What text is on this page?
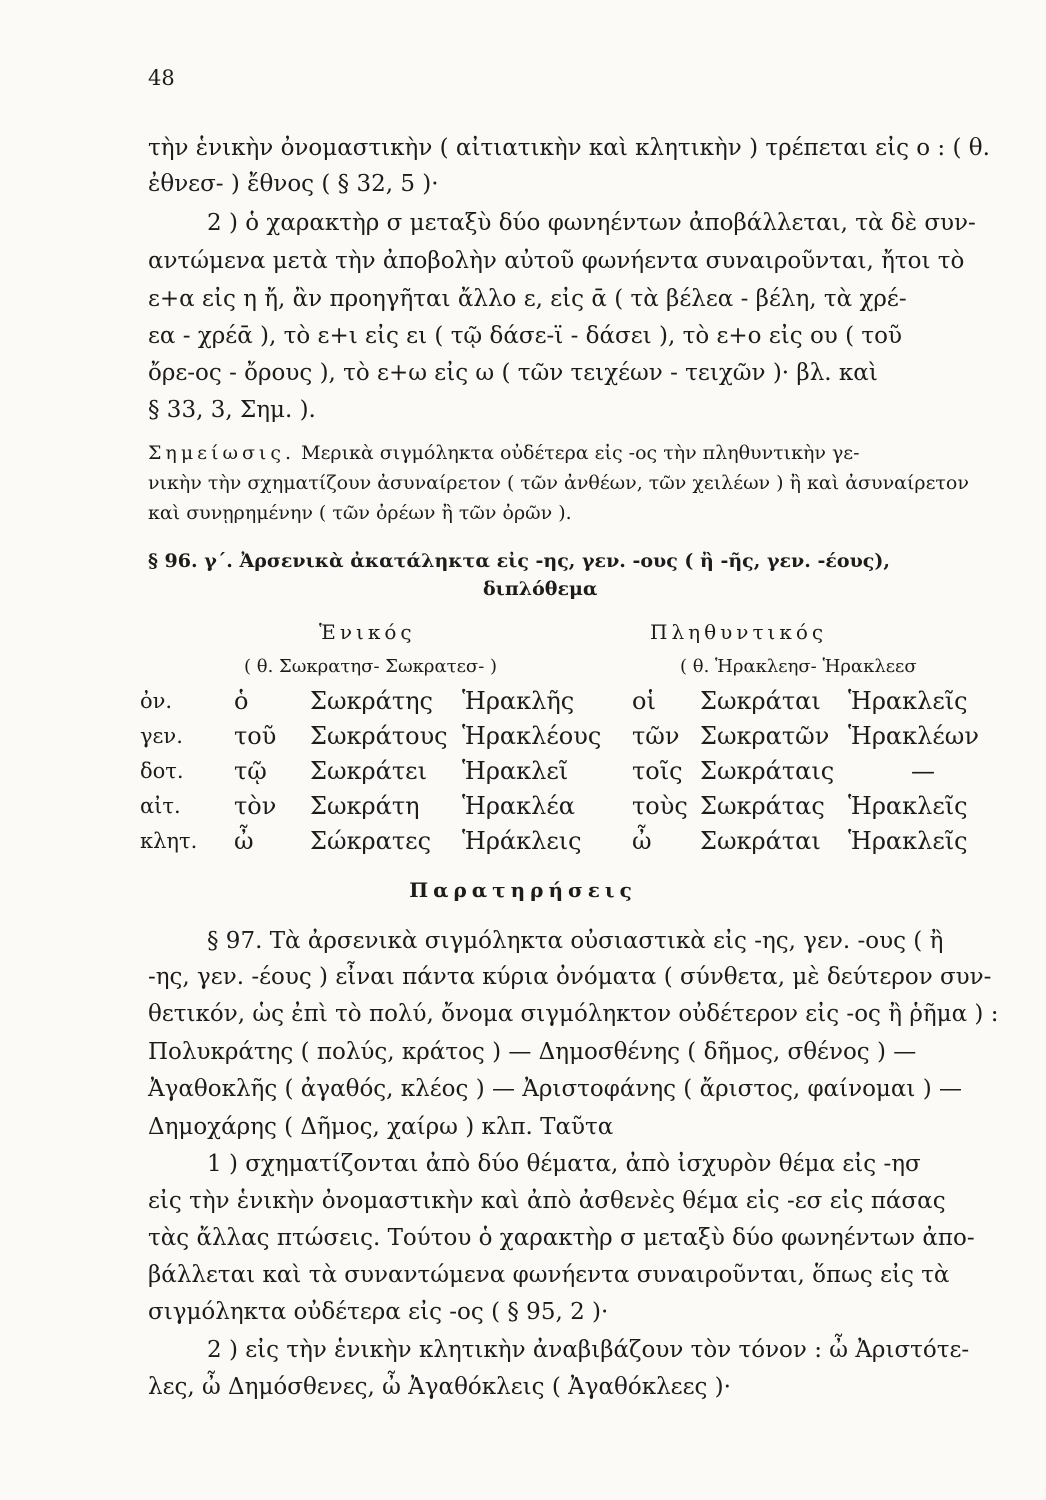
48
τὴν ἑνικὴν ὀνομαστικὴν ( αἰτιατικὴν καὶ κλητικὴν ) τρέπεται εἰς ο : ( θ.
ἐθνεσ- ) ἔθνος ( § 32, 5 )·
2 ) ὁ χαρακτὴρ σ μεταξὺ δύο φωνηέντων ἀποβάλλεται, τὰ δὲ συν-
αντώμενα μετὰ τὴν ἀποβολὴν αὐτοῦ φωνήεντα συναιροῦνται, ἤτοι τὸ
ε+α εἰς η ἤ, ἂν προηγῆται ἄλλο ε, εἰς ᾱ ( τὰ βέλεα - βέλη, τὰ χρέ-
εα - χρέᾱ ), τὸ ε+ι εἰς ει ( τῷ δάσε-ϊ - δάσει ), τὸ ε+ο εἰς ου ( τοῦ
ὄρε-ος - ὄρους ), τὸ ε+ω εἰς ω ( τῶν τειχέων - τειχῶν )· βλ. καὶ
§ 33, 3, Σημ. ).
Σημείωσις. Μερικὰ σιγμόληκτα οὐδέτερα εἰς -ος τὴν πληθυντικὴν γε-
νικὴν τὴν σχηματίζουν ἀσυναίρετον ( τῶν ἀνθέων, τῶν χειλέων ) ἢ καὶ ἀσυναίρετον
καὶ συνῃρημένην ( τῶν ὀρέων ἢ τῶν ὀρῶν ).
§ 96. γ΄. Ἀρσενικὰ ἀκατάληκτα εἰς -ης, γεν. -ους ( ἢ -ῆς, γεν. -έους),
διπλόθεμα
Ἑνικός	Πληθυντικός
( θ. Σωκρατησ- Σωκρατεσ- )	( θ. Ἡρακλεησ- Ἡρακλεεσ
ὀν.	ὁ	Σωκράτης	Ἡρακλῆς	οἱ	Σωκράται	Ἡρακλεῖς
γεν.	τοῦ	Σωκράτους	Ἡρακλέους	τῶν	Σωκρατῶν	Ἡρακλέων
δοτ.	τῷ	Σωκράτει	Ἡρακλεῖ	τοῖς	Σωκράταις	—
αἰτ.	τὸν	Σωκράτη	Ἡρακλέα	τοὺς	Σωκράτας	Ἡρακλεῖς
κλητ.	ὦ	Σώκρατες	Ἡράκλεις	ὦ	Σωκράται	Ἡρακλεῖς
Παρατηρήσεις
§ 97. Τὰ ἀρσενικὰ σιγμόληκτα οὐσιαστικὰ εἰς -ης, γεν. -ους ( ἢ
-ης, γεν. -έους ) εἶναι πάντα κύρια ὀνόματα ( σύνθετα, μὲ δεύτερον συν-
θετικόν, ὡς ἐπὶ τὸ πολύ, ὄνομα σιγμόληκτον οὐδέτερον εἰς -ος ἢ ῥῆμα ) :
Πολυκράτης ( πολύς, κράτος ) — Δημοσθένης ( δῆμος, σθένος ) —
Ἀγαθοκλῆς ( ἀγαθός, κλέος ) — Ἀριστοφάνης ( ἄριστος, φαίνομαι ) —
Δημοχάρης ( Δῆμος, χαίρω ) κλπ. Ταῦτα
1 ) σχηματίζονται ἀπὸ δύο θέματα, ἀπὸ ἰσχυρὸν θέμα εἰς -ησ
εἰς τὴν ἑνικὴν ὀνομαστικὴν καὶ ἀπὸ ἀσθενὲς θέμα εἰς -εσ εἰς πάσας
τὰς ἄλλας πτώσεις. Τούτου ὁ χαρακτὴρ σ μεταξὺ δύο φωνηέντων ἀπο-
βάλλεται καὶ τὰ συναντώμενα φωνήεντα συναιροῦνται, ὅπως εἰς τὰ
σιγμόληκτα οὐδέτερα εἰς -ος ( § 95, 2 )·
2 ) εἰς τὴν ἑνικὴν κλητικὴν ἀναβιβάζουν τὸν τόνον : ὦ Ἀριστότε-
λες, ὦ Δημόσθενες, ὦ Ἀγαθόκλεις ( Ἀγαθόκλεες )·
